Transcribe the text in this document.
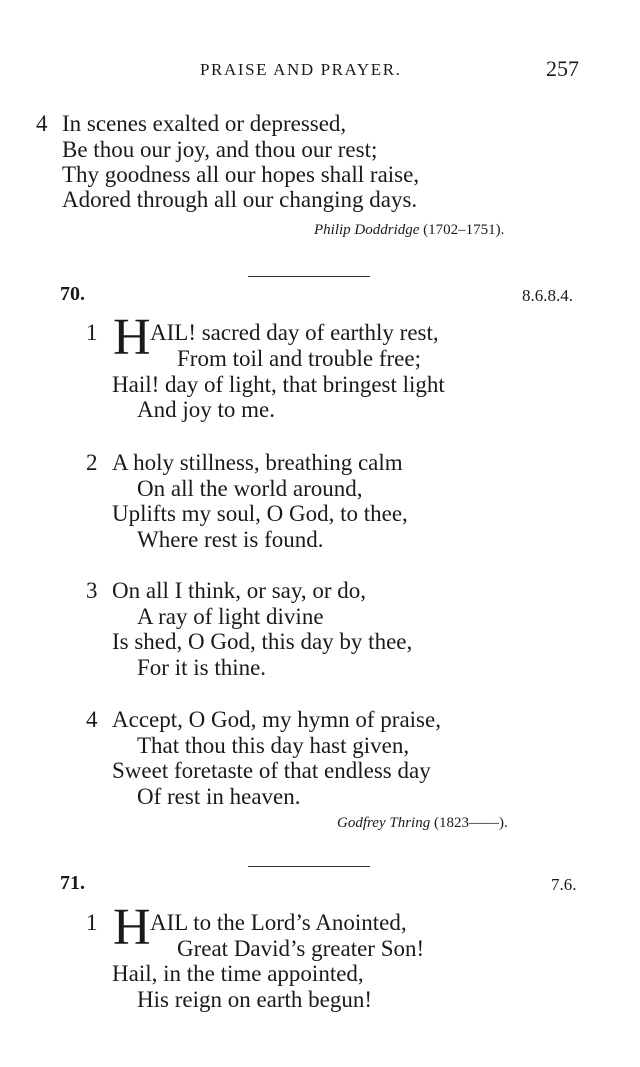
PRAISE AND PRAYER.	257
4 In scenes exalted or depressed,
Be thou our joy, and thou our rest;
Thy goodness all our hopes shall raise,
Adored through all our changing days.
Philip Doddridge (1702–1751).
70.	8.6.8.4.
1 H AIL! sacred day of earthly rest,
From toil and trouble free;
Hail! day of light, that bringest light
And joy to me.
2 A holy stillness, breathing calm
On all the world around,
Uplifts my soul, O God, to thee,
Where rest is found.
3 On all I think, or say, or do,
A ray of light divine
Is shed, O God, this day by thee,
For it is thine.
4 Accept, O God, my hymn of praise,
That thou this day hast given,
Sweet foretaste of that endless day
Of rest in heaven.
Godfrey Thring (1823——).
71.	7.6.
1 H AIL to the Lord’s Anointed,
Great David’s greater Son!
Hail, in the time appointed,
His reign on earth begun!
